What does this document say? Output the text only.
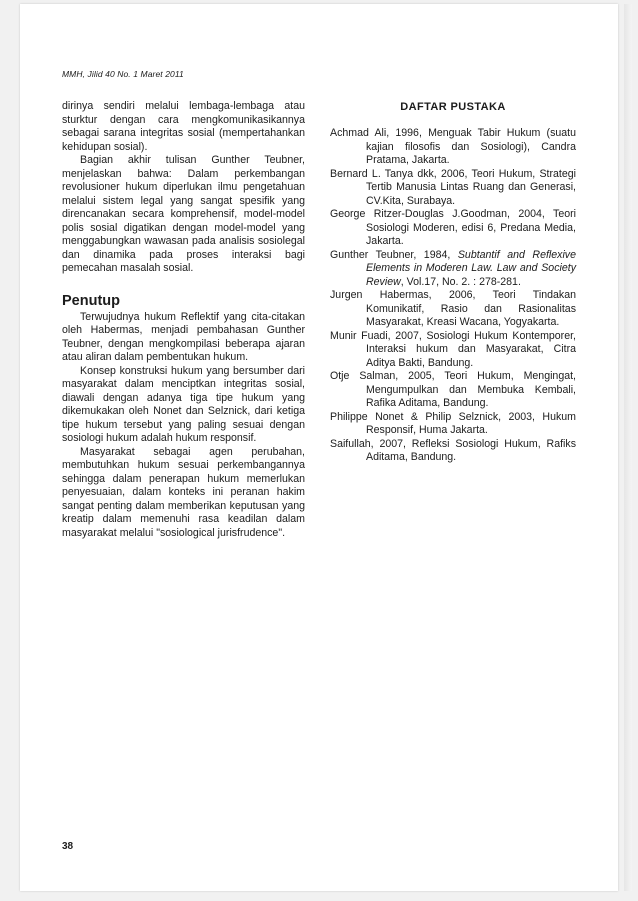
MMH, Jilid 40 No. 1 Maret 2011

dirinya sendiri melalui lembaga-lembaga atau sturktur dengan cara mengkomunikasikannya sebagai sarana integritas sosial (mempertahankan kehidupan sosial).

Bagian akhir tulisan Gunther Teubner, menjelaskan bahwa: Dalam perkembangan revolusioner hukum diperlukan ilmu pengetahuan melalui sistem legal yang sangat spesifik yang direncanakan secara komprehensif, model-model polis sosial digatikan dengan model-model yang menggabungkan wawasan pada analisis sosiolegal dan dinamika pada proses interaksi bagi pemecahan masalah sosial.

Penutup

Terwujudnya hukum Reflektif yang cita-citakan oleh Habermas, menjadi pembahasan Gunther Teubner, dengan mengkompilasi beberapa ajaran atau aliran dalam pembentukan hukum.

Konsep konstruksi hukum yang bersumber dari masyarakat dalam menciptkan integritas sosial, diawali dengan adanya tiga tipe hukum yang dikemukakan oleh Nonet dan Selznick, dari ketiga tipe hukum tersebut yang paling sesuai dengan sosiologi hukum adalah hukum responsif.

Masyarakat sebagai agen perubahan, membutuhkan hukum sesuai perkembangannya sehingga dalam penerapan hukum memerlukan penyesuaian, dalam konteks ini peranan hakim sangat penting dalam memberikan keputusan yang kreatip dalam memenuhi rasa keadilan dalam masyarakat melalui "sosiological jurisfrudence".

DAFTAR PUSTAKA

Achmad Ali, 1996, Menguak Tabir Hukum (suatu kajian filosofis dan Sosiologi), Candra Pratama, Jakarta.

Bernard L. Tanya dkk, 2006, Teori Hukum, Strategi Tertib Manusia Lintas Ruang dan Generasi, CV.Kita, Surabaya.

George Ritzer-Douglas J.Goodman, 2004, Teori Sosiologi Moderen, edisi 6, Predana Media, Jakarta.

Gunther Teubner, 1984, Subtantif and Reflexive Elements in Moderen Law. Law and Society Review, Vol.17, No. 2. : 278-281.

Jurgen Habermas, 2006, Teori Tindakan Komunikatif, Rasio dan Rasionalitas Masyarakat, Kreasi Wacana, Yogyakarta.

Munir Fuadi, 2007, Sosiologi Hukum Kontemporer, Interaksi hukum dan Masyarakat, Citra Aditya Bakti, Bandung.

Otje Salman, 2005, Teori Hukum, Mengingat, Mengumpulkan dan Membuka Kembali, Rafika Aditama, Bandung.

Philippe Nonet & Philip Selznick, 2003, Hukum Responsif, Huma Jakarta.

Saifullah, 2007, Refleksi Sosiologi Hukum, Rafiks Aditama, Bandung.

38
